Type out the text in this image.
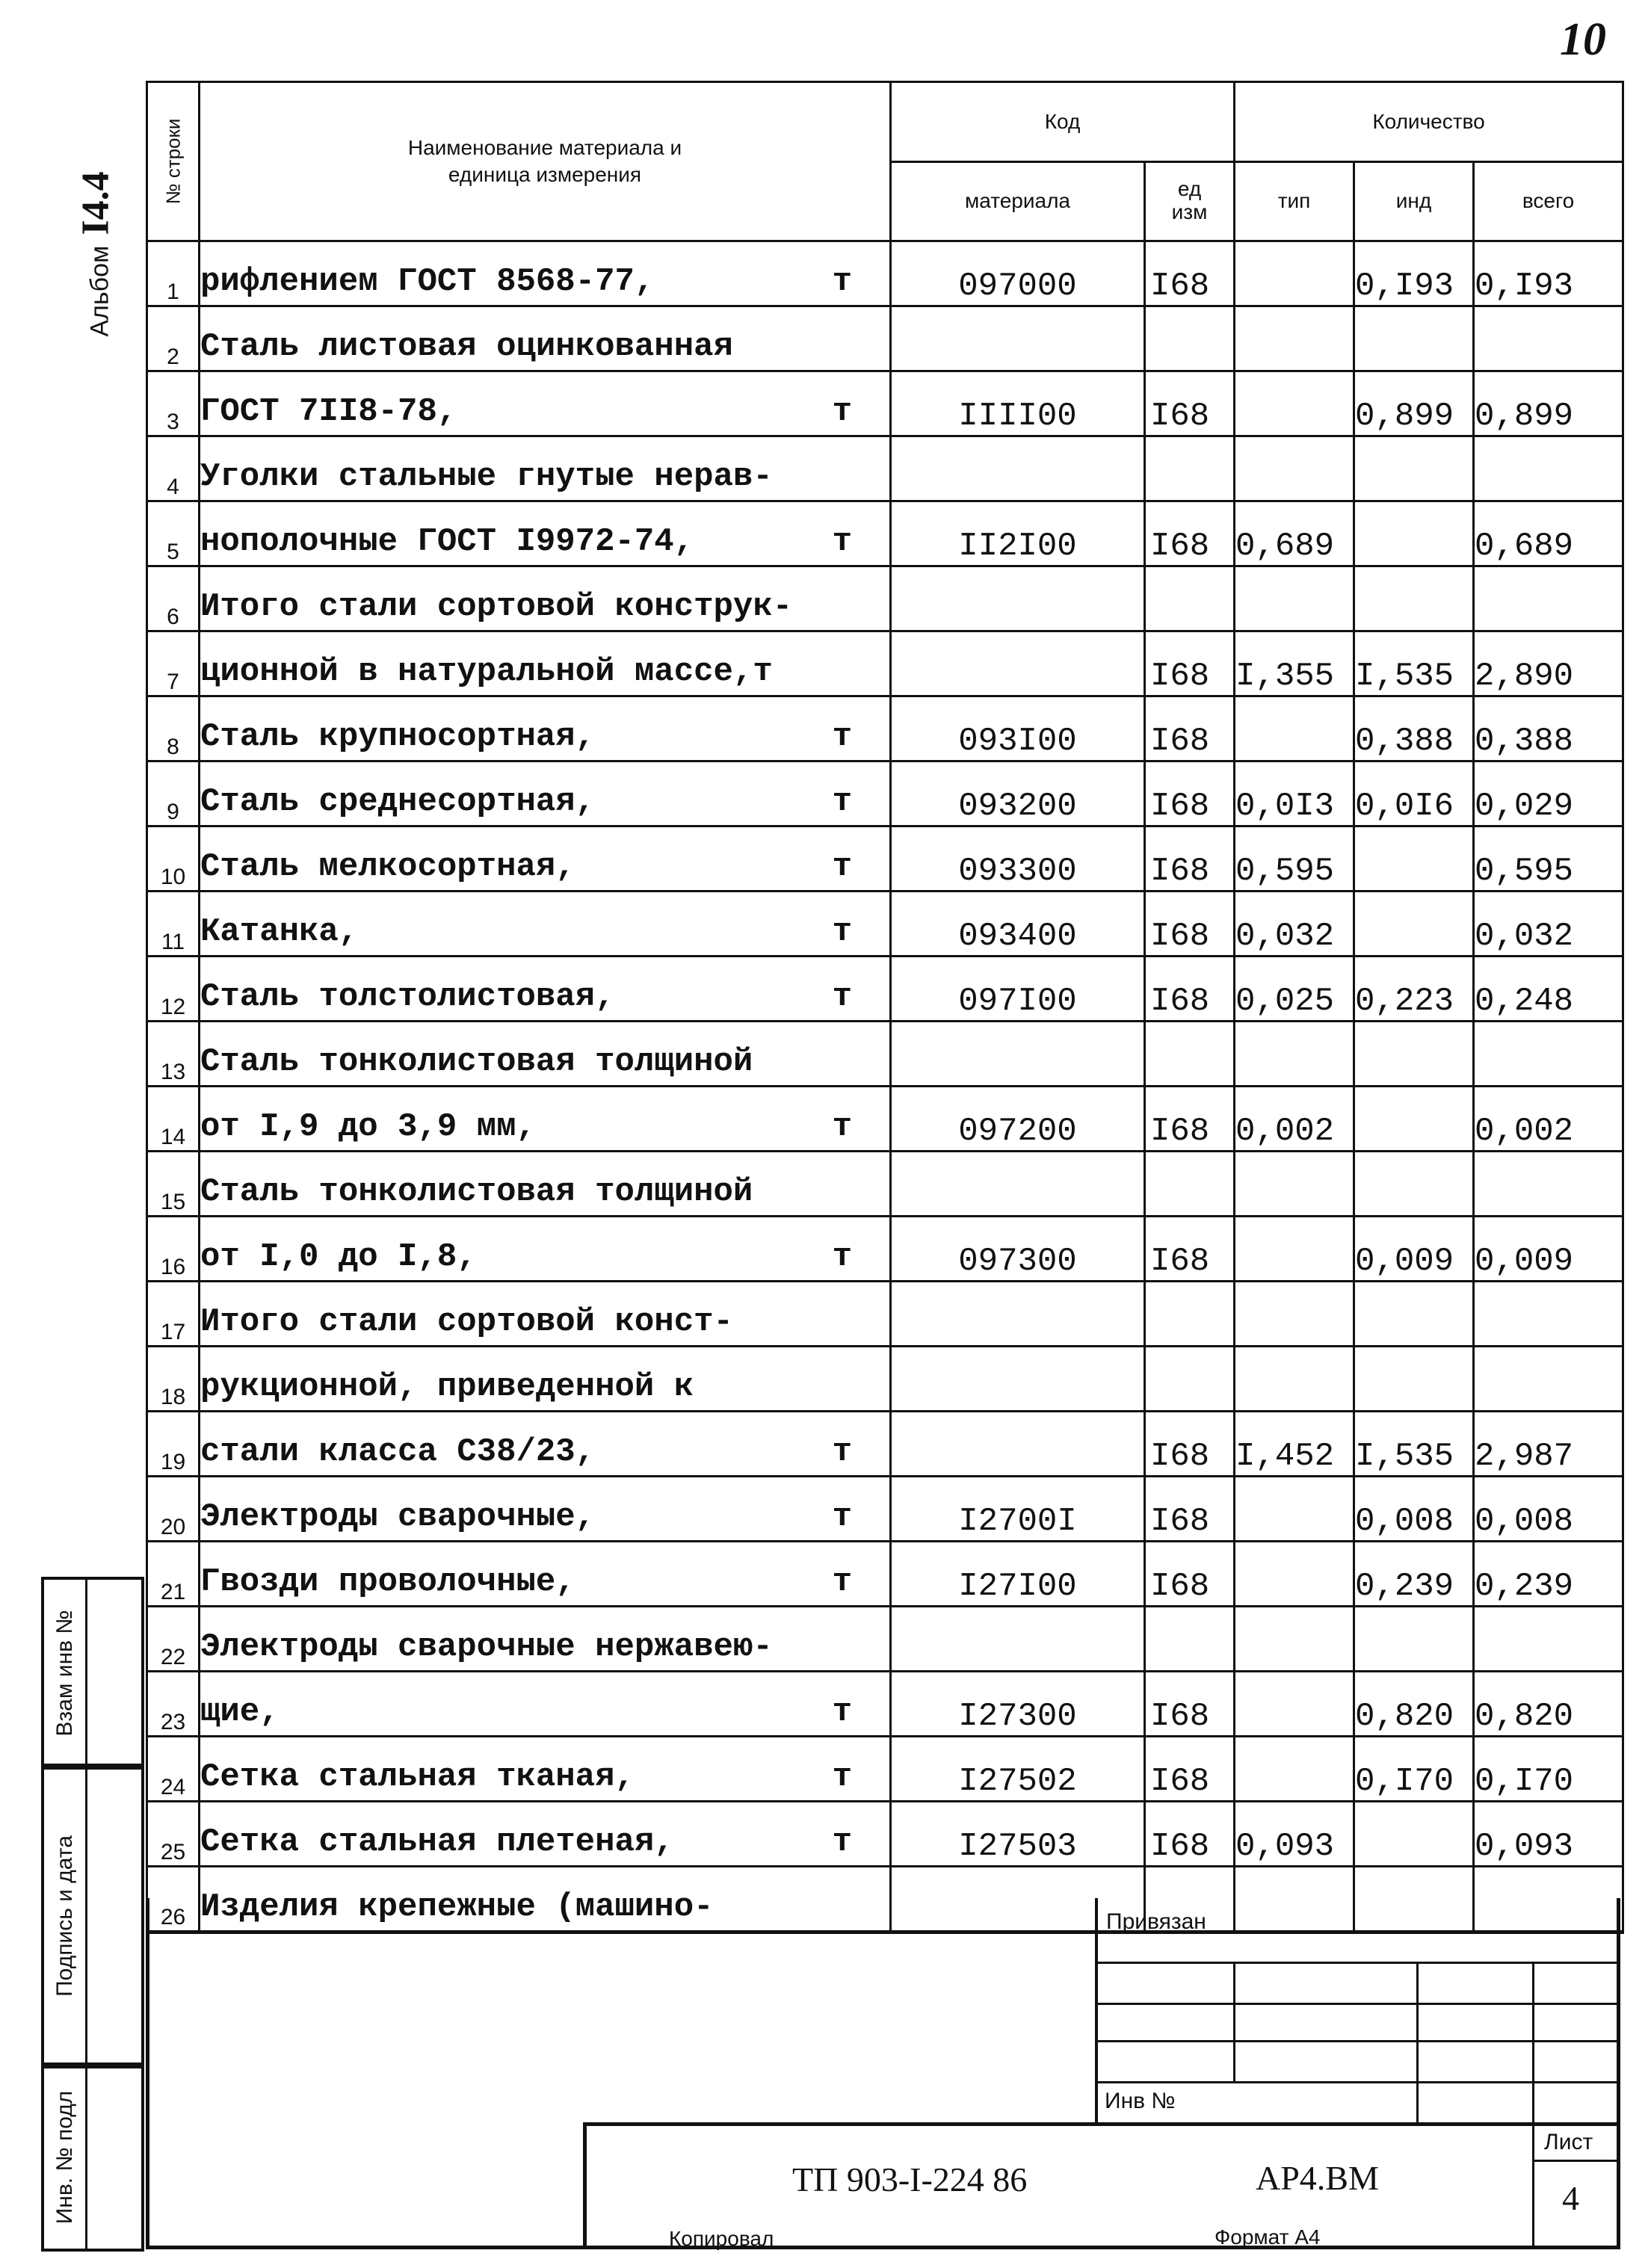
10
АльбомI4.4 № строки	Наименование материала и единица измерения	Код		Количество		
		материала	ед изм	тип	инд	всего
1	рифлением ГОСТ 8568-77, т	097000	I68		0,I93	0,I93
2	Сталь листовая оцинкованная

3	ГОСТ 7II8-78, т	IIII00	I68		0,899	0,899
4	Уголки стальные гнутые нерав-

5	нополочные ГОСТ I9972-74, т	II2I00	I68	0,689		0,689
6	Итого стали сортовой конструк-

7	ционной в натуральной массе,т		I68	I,355	I,535	2,890
8	Сталь крупносортная, т	093I00	I68		0,388	0,388
9	Сталь среднесортная, т	093200	I68	0,0I3	0,0I6	0,029
10	Сталь мелкосортная, т	093300	I68	0,595		0,595
11	Катанка, т	093400	I68	0,032		0,032
12	Сталь толстолистовая, т	097I00	I68	0,025	0,223	0,248
13	Сталь тонколистовая толщиной

14	от I,9 до 3,9 мм, т	097200	I68	0,002		0,002
15	Сталь тонколистовая толщиной

16	от I,0 до I,8, т	097300	I68		0,009	0,009
17	Итого стали сортовой конст-

18	рукционной, приведенной к

19	стали класса С38/23, т		I68	I,452	I,535	2,987
20	Электроды сварочные, т	I2700I	I68		0,008	0,008
21	Гвозди проволочные, т	I27I00	I68		0,239	0,239
22	Электроды сварочные нержавею-

23	щие, т	I27300	I68		0,820	0,820
24	Сетка стальная тканая, т	I27502	I68		0,I70	0,I70
25	Сетка стальная плетеная, т	I27503	I68	0,093		0,093
26	Изделия крепежные (машино-

Взам инв №
Подпись и дата
Инв. № подл
Привязан
Инв №
ТП 903-I-224 86	АР4.ВМ
Лист
4
Копировал	Формат А4
